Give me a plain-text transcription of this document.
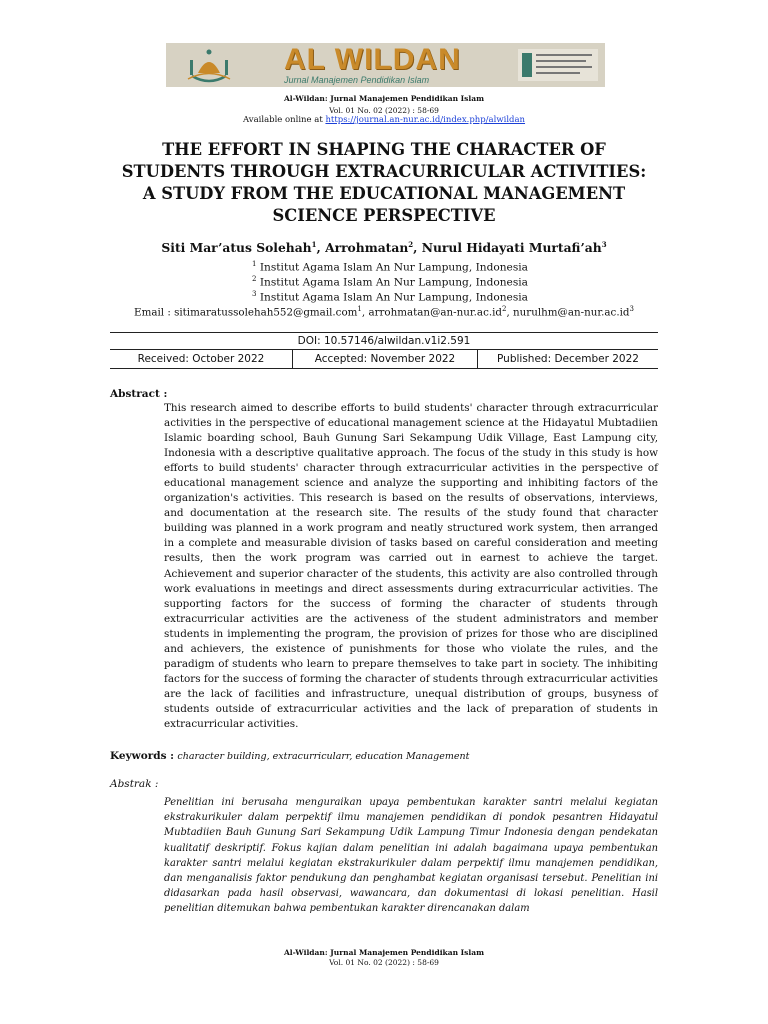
AL WILDAN
Jurnal Manajemen Pendidikan Islam
Al-Wildan: Jurnal Manajemen Pendidikan Islam
Vol. 01 No. 02 (2022) : 58-69
Available online at https://journal.an-nur.ac.id/index.php/alwildan
THE EFFORT IN SHAPING THE CHARACTER OF STUDENTS THROUGH EXTRACURRICULAR ACTIVITIES: A STUDY FROM THE EDUCATIONAL MANAGEMENT SCIENCE PERSPECTIVE
Siti Mar’atus Solehah$^1$, Arrohmatan$^2$, Nurul Hidayati $Murtafi’ah^3$
$^1$ Institut Agama Islam An Nur Lampung, Indonesia
$^2$ Institut Agama Islam An Nur Lampung, Indonesia
$^3$ Institut Agama Islam An Nur Lampung, Indonesia
Email : sitimaratussolehah552@gmail.com$^1$, $arrohmatan@an-nur.ac.id^2$, $nurulhm@an-nur.ac.id^3$
DOI: 10.57146/alwildan.v1i2.591
Received: October 2022	Accepted: November 2022	Published: December 2022
Abstract :
This research aimed to describe efforts to build students' character through extracurricular activities in the perspective of educational management science at the Hidayatul Mubtadiien Islamic boarding school, Bauh Gunung Sari Sekampung Udik Village, East Lampung city, Indonesia with a descriptive qualitative approach. The focus of the study in this study is how efforts to build students' character through extracurricular activities in the perspective of educational management science and analyze the supporting and inhibiting factors of the organization's activities. This research is based on the results of observations, interviews, and documentation at the research site. The results of the study found that character building was planned in a work program and neatly structured work system, then arranged in a complete and measurable division of tasks based on careful consideration and meeting results, then the work program was carried out in earnest to achieve the target. Achievement and superior character of the students, this activity are also controlled through work evaluations in meetings and direct assessments during extracurricular activities. The supporting factors for the success of forming the character of students through extracurricular activities are the activeness of the student administrators and member students in implementing the program, the provision of prizes for those who are disciplined and achievers, the existence of punishments for those who violate the rules, and the paradigm of students who learn to prepare themselves to take part in society. The inhibiting factors for the success of forming the character of students through extracurricular activities are the lack of facilities and infrastructure, unequal distribution of groups, busyness of students outside of extracurricular activities and the lack of preparation of students in extracurricular activities.
Keywords : character building, extracurricularr, education Management
Abstrak :
Penelitian ini berusaha menguraikan upaya pembentukan karakter santri melalui kegiatan ekstrakurikuler dalam perpektif ilmu manajemen pendidikan di pondok pesantren Hidayatul Mubtadiien Bauh Gunung Sari Sekampung Udik Lampung Timur Indonesia dengan pendekatan kualitatif deskriptif. Fokus kajian dalam penelitian ini adalah bagaimana upaya pembentukan karakter santri melalui kegiatan ekstrakurikuler dalam perpektif ilmu manajemen pendidikan, dan menganalisis faktor pendukung dan penghambat kegiatan organisasi tersebut. Penelitian ini didasarkan pada hasil observasi, wawancara, dan dokumentasi di lokasi penelitian. Hasil penelitian ditemukan bahwa pembentukan karakter direncanakan dalam
Al-Wildan: Jurnal Manajemen Pendidikan Islam
Vol. 01 No. 02 (2022) : 58-69
